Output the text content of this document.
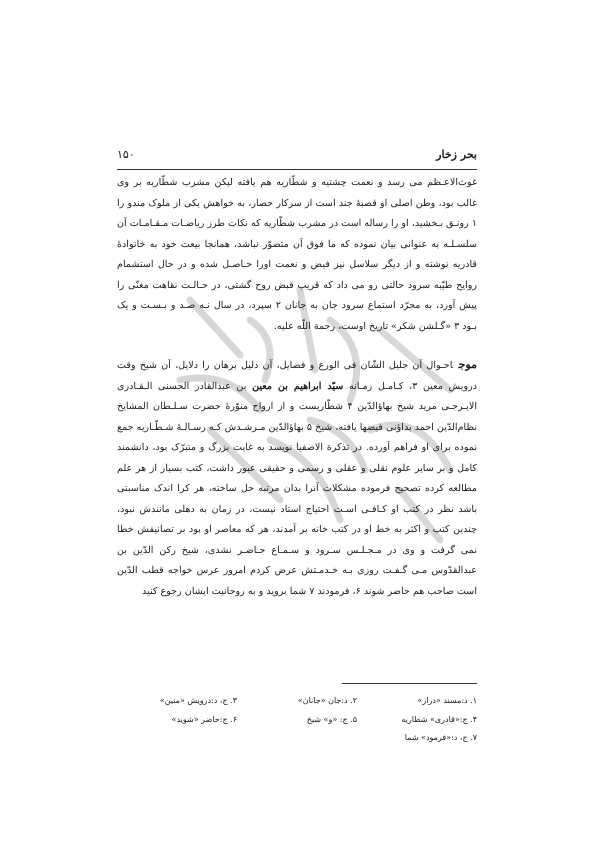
بحر زخار
۱۵۰

غوث‌الاعـظم می رسد و نعمت چشتیه و شطّاریه هم یافته لیکن مشرب شطّاریه بر وی غالب بود، وطن اصلی او قصبهٔ جند است از سرکار حصار، به خواهش یکی از ملوک مندو را ۱ رونـق بـخشید، او را رساله است در مشرب شطّاریه که نکات طرز ریاضـات مـقـامـات آن سلسـلـه به عنوانی بیان نموده که ما فوق آن متصوّر نباشد، همانجا بیعت خود به خانوادهٔ قادریه نوشته و از دیگر سلاسل نیز فیض و نعمت اورا حـاصـل شده و در حال استشمام روایح طیّبه سرود حالتی رو می داد که قریب قبض روح گشتی، در حـالـت نقاهت مغنّی را پیش آورد، به مجرّد استماع سرود جان به جانان ۲ سپرد، در سال نـه صـد و بـسـت و یک بـود ۳ «گـلشن شکر» تاریخ اوست، رحمة اللّه علیه.

موجاحـوال آن جلیل الشّان فی الورع و فضایل، آن دلیل برهان را دلایل، آن شیخ وقت درویش معین ۳، کـامـل زمـانه سیّد ابراهیم بن معین بن عبدالقادر الحسنی الـقـادری الایـرجـی مرید شیخ بهاؤالدّین ۴ شطّاریست و از ارواح منوّرهٔ حضرت سـلـطان المشایخ نظام‌الدّین احمد بداؤنی فیضها یافته، شیخ ۵ بهاؤالدّین مـرشـدش کـه رسـالـهٔ شـطّـاریه جمع نموده برای او فراهم آورده. در تذکرة الاصفیا نویسد به غایت بزرگ و متبرّک بود، دانشمند کامل و بر سایر علوم نقلی و عقلی و رسمی و حقیقی عبور داشت، کتب بسیار از هر علم مطالعه کرده تصحیح فرموده مشکلات آنرا بدان مرتبه حل ساخته، هر کرا اندک مناسبتی باشد نظر در کتب او کـافـی اسـت احتیاج استاد نیست، در زمان به دهلی مانندش نبود، چندین کتب و اکثر به خط او در کتب خانه بر آمدند، هر که معاصر او بود بر تصانیفش خطا نمی گرفت و وی در مـجـلـس سـرود و سـمـاع حـاضـر نشدی، شیخ رکن الدّین بن عبدالقدّوس مـی گـفـت روزی بـه خـدمـتش عرض کردم امروز عرس خواجه قطب الدّین است صاحب هم حاضر شوند ۶، فرمودند ۷ شما بروید و به روحانیت ایشان رجوع کنید

۱. د:مسند «دراز»
۲. د:جان «جانان»
۳. ج، د:درویش «متین»
۴. ج:«قادری» شطاریه
۵. ج: «و» شیخ
۶. ج:حاضر «شوید»
۷. ج، د:«فرمود» شما
